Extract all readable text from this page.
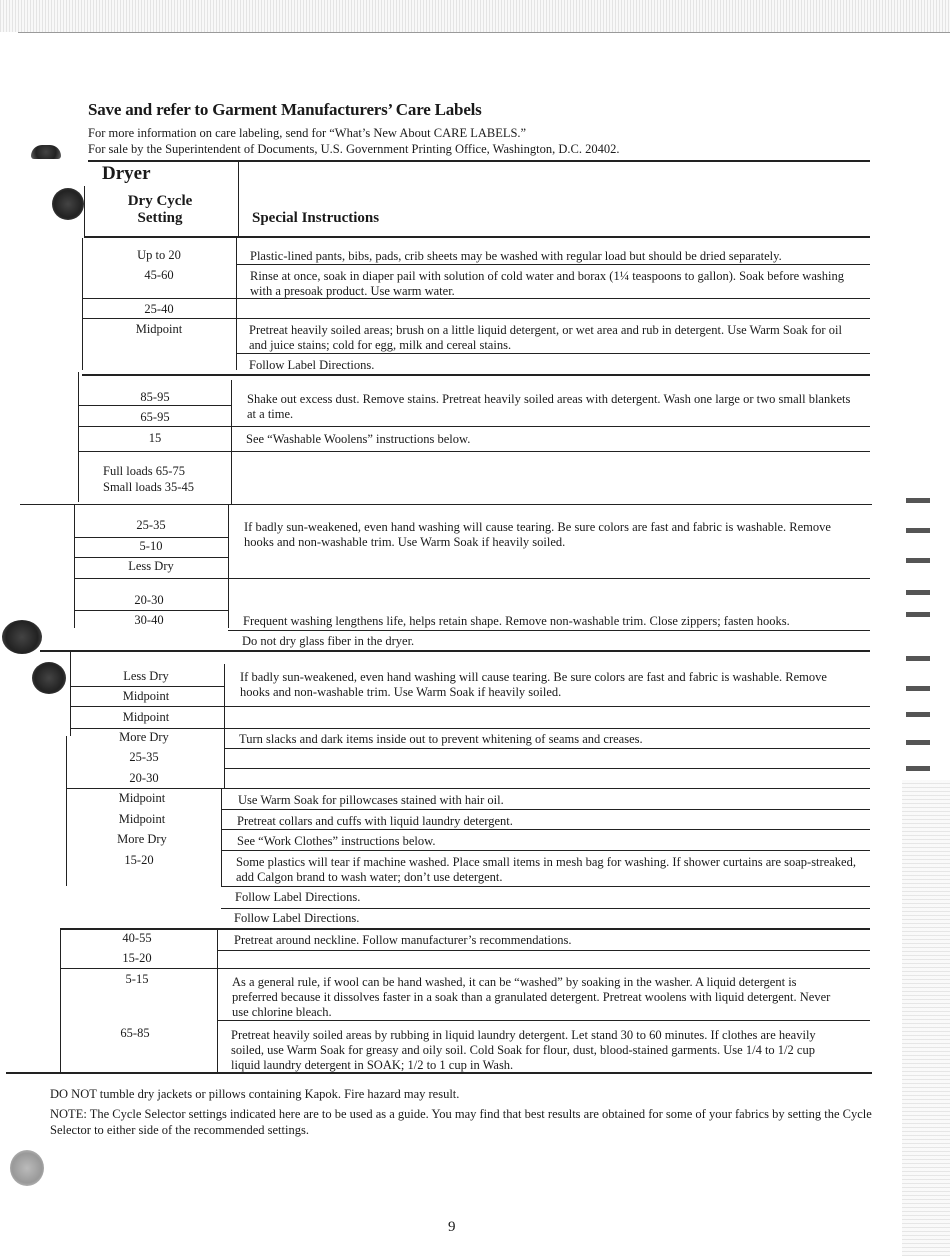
Save and refer to Garment Manufacturers’ Care Labels
For more information on care labeling, send for “What’s New About CARE LABELS.”
For sale by the Superintendent of Documents, U.S. Government Printing Office, Washington, D.C. 20402.
Dryer
Dry Cycle Setting	Special Instructions
Up to 20
45-60
25-40
Midpoint
85-95
65-95
15
Full loads 65-75
Small loads 35-45
25-35
5-10
Less Dry
20-30
30-40
Less Dry
Midpoint
Midpoint
More Dry
25-35
20-30
Midpoint
Midpoint
More Dry
15-20
40-55
15-20
5-15
65-85
Plastic-lined pants, bibs, pads, crib sheets may be washed with regular load but should be dried separately.
Rinse at once, soak in diaper pail with solution of cold water and borax (1¼ teaspoons to gallon). Soak before washing with a presoak product. Use warm water.
Pretreat heavily soiled areas; brush on a little liquid detergent, or wet area and rub in detergent. Use Warm Soak for oil and juice stains; cold for egg, milk and cereal stains.
Follow Label Directions.
Shake out excess dust. Remove stains. Pretreat heavily soiled areas with detergent. Wash one large or two small blankets at a time.
See “Washable Woolens” instructions below.
If badly sun-weakened, even hand washing will cause tearing. Be sure colors are fast and fabric is washable. Remove hooks and non-washable trim. Use Warm Soak if heavily soiled.
Frequent washing lengthens life, helps retain shape. Remove non-washable trim. Close zippers; fasten hooks.
Do not dry glass fiber in the dryer.
If badly sun-weakened, even hand washing will cause tearing. Be sure colors are fast and fabric is washable. Remove hooks and non-washable trim. Use Warm Soak if heavily soiled.
Turn slacks and dark items inside out to prevent whitening of seams and creases.
Use Warm Soak for pillowcases stained with hair oil.
Pretreat collars and cuffs with liquid laundry detergent.
See “Work Clothes” instructions below.
Some plastics will tear if machine washed. Place small items in mesh bag for washing. If shower curtains are soap-streaked, add Calgon brand to wash water; don’t use detergent.
Follow Label Directions.
Follow Label Directions.
Pretreat around neckline. Follow manufacturer’s recommendations.
As a general rule, if wool can be hand washed, it can be “washed” by soaking in the washer. A liquid detergent is preferred because it dissolves faster in a soak than a granulated detergent. Pretreat woolens with liquid detergent. Never use chlorine bleach.
Pretreat heavily soiled areas by rubbing in liquid laundry detergent. Let stand 30 to 60 minutes. If clothes are heavily soiled, use Warm Soak for greasy and oily soil. Cold Soak for flour, dust, blood-stained garments. Use 1/4 to 1/2 cup liquid laundry detergent in SOAK; 1/2 to 1 cup in Wash.
DO NOT tumble dry jackets or pillows containing Kapok. Fire hazard may result.
NOTE: The Cycle Selector settings indicated here are to be used as a guide. You may find that best results are obtained for some of your fabrics by setting the Cycle Selector to either side of the recommended settings.
9
